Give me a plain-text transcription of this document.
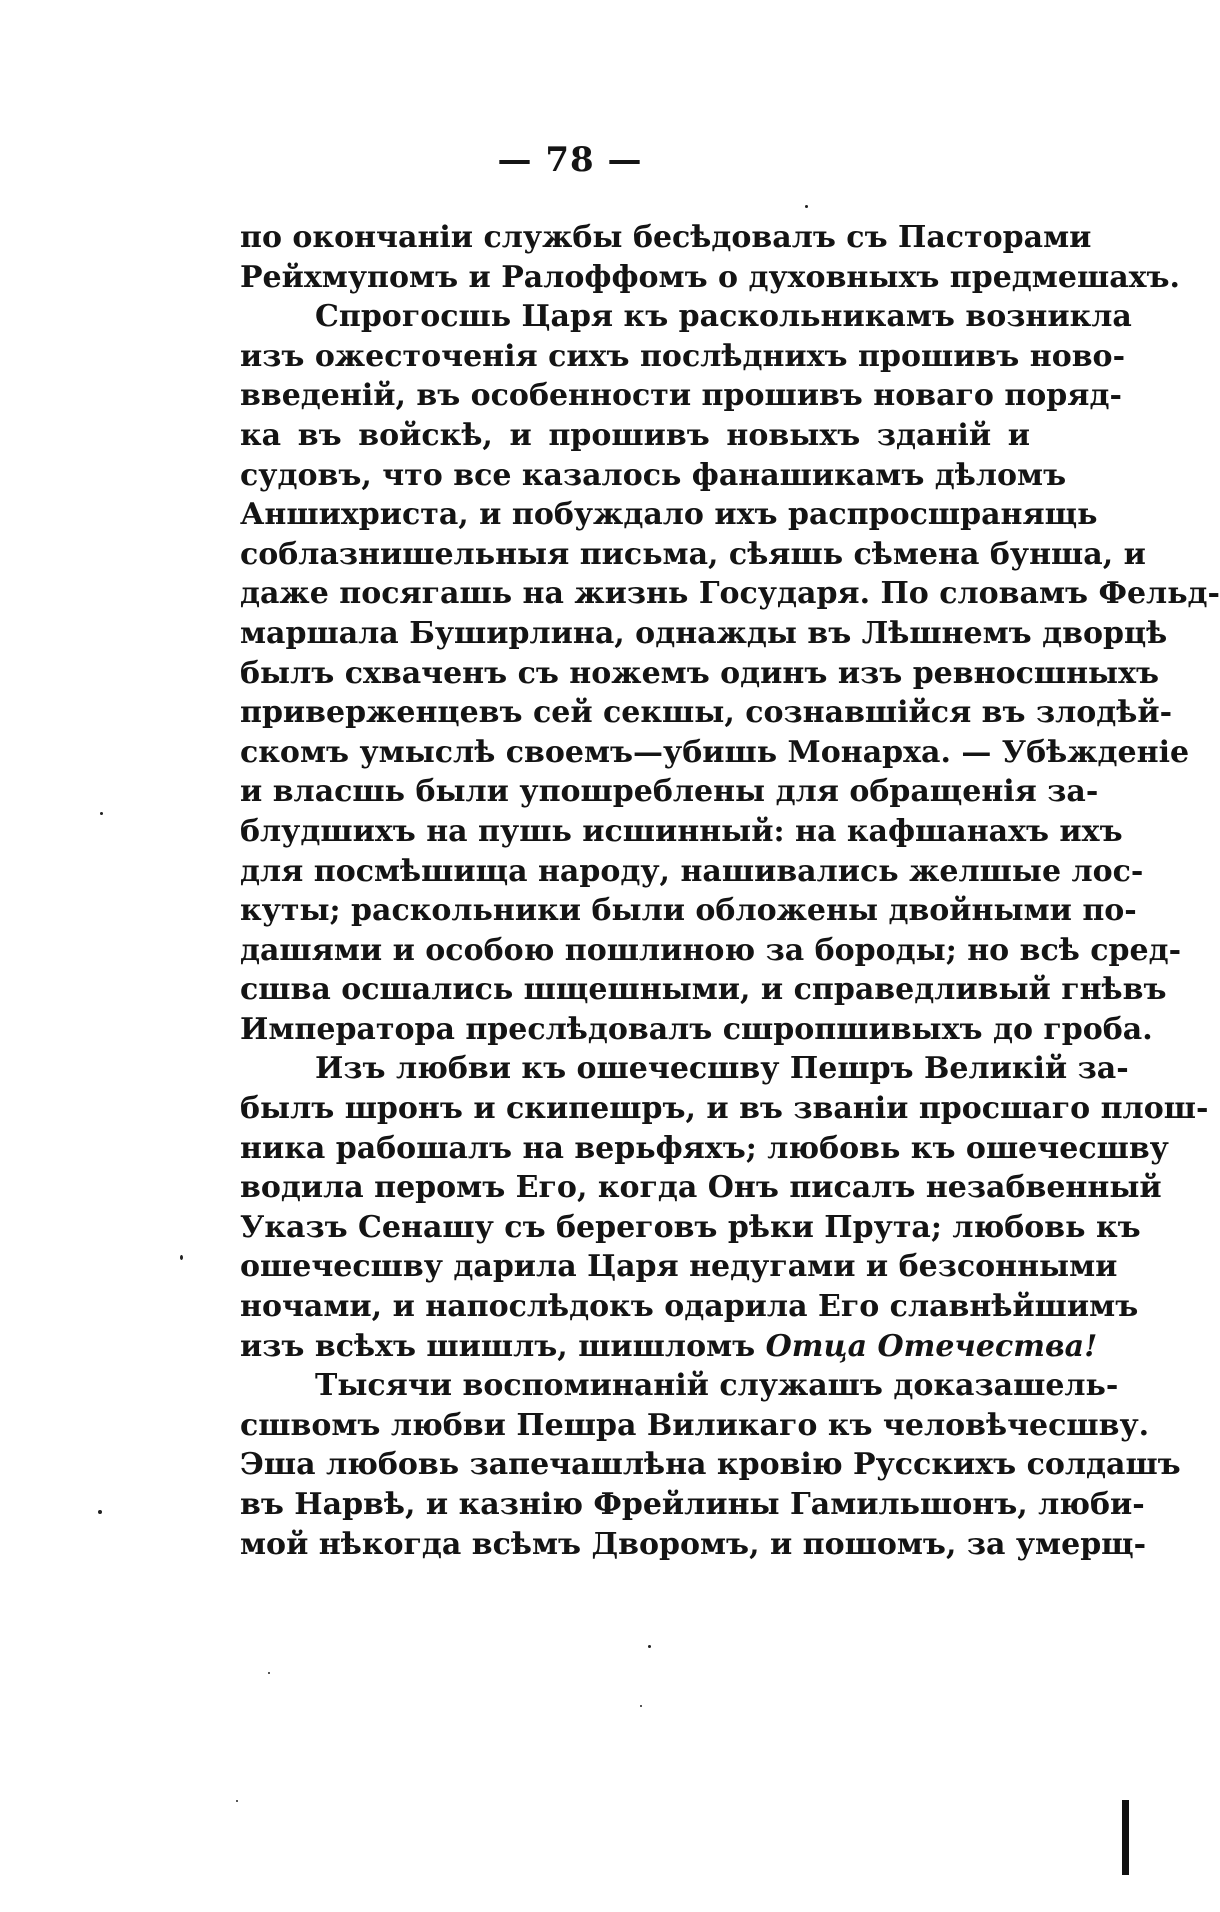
— 78 —
по окончаніи службы бесѣдовалъ съ Пасторами
Рейхмупомъ и Ралоффомъ о духовныхъ предмешахъ.
Спрогосшь Царя къ раскольникамъ возникла
изъ ожесточенія сихъ послѣднихъ прошивъ ново-
введеній, въ особенности прошивъ новаго поряд-
ка въ войскѣ, и прошивъ новыхъ зданій и
судовъ, что все казалось фанашикамъ дѣломъ
Аншихриста, и побуждало ихъ распросшранящь
соблазнишельныя письма, сѣяшь сѣмена бунша, и
даже посягашь на жизнь Государя. По словамъ Фельд-
маршала Буширлина, однажды въ Лѣшнемъ дворцѣ
былъ схваченъ съ ножемъ одинъ изъ ревносшныхъ
приверженцевъ сей секшы, сознавшійся въ злодѣй-
скомъ умыслѣ своемъ—убишь Монарха. — Убѣжденіе
и власшь были упошреблены для обращенія за-
блудшихъ на пушь исшинный: на кафшанахъ ихъ
для посмѣшища народу, нашивались желшые лос-
куты; раскольники были обложены двойными по-
дашями и особою пошлиною за бороды; но всѣ сред-
сшва осшались шщешными, и справедливый гнѣвъ
Императора преслѣдовалъ сшропшивыхъ до гроба.
Изъ любви къ ошечесшву Пешръ Великій за-
былъ шронъ и скипешръ, и въ званіи просшаго плош-
ника рабошалъ на верьфяхъ; любовь къ ошечесшву
водила перомъ Его, когда Онъ писалъ незабвенный
Указъ Сенашу съ береговъ рѣки Прута; любовь къ
ошечесшву дарила Царя недугами и безсонными
ночами, и напослѣдокъ одарила Его славнѣйшимъ
изъ всѣхъ шишлъ, шишломъ Отца Отечества!
Тысячи воспоминаній служашъ доказашель-
сшвомъ любви Пешра Виликаго къ человѣчесшву.
Эша любовь запечашлѣна кровію Русскихъ солдашъ
въ Нарвѣ, и казнію Фрейлины Гамильшонъ, люби-
мой нѣкогда всѣмъ Дворомъ, и пошомъ, за умерщ-
